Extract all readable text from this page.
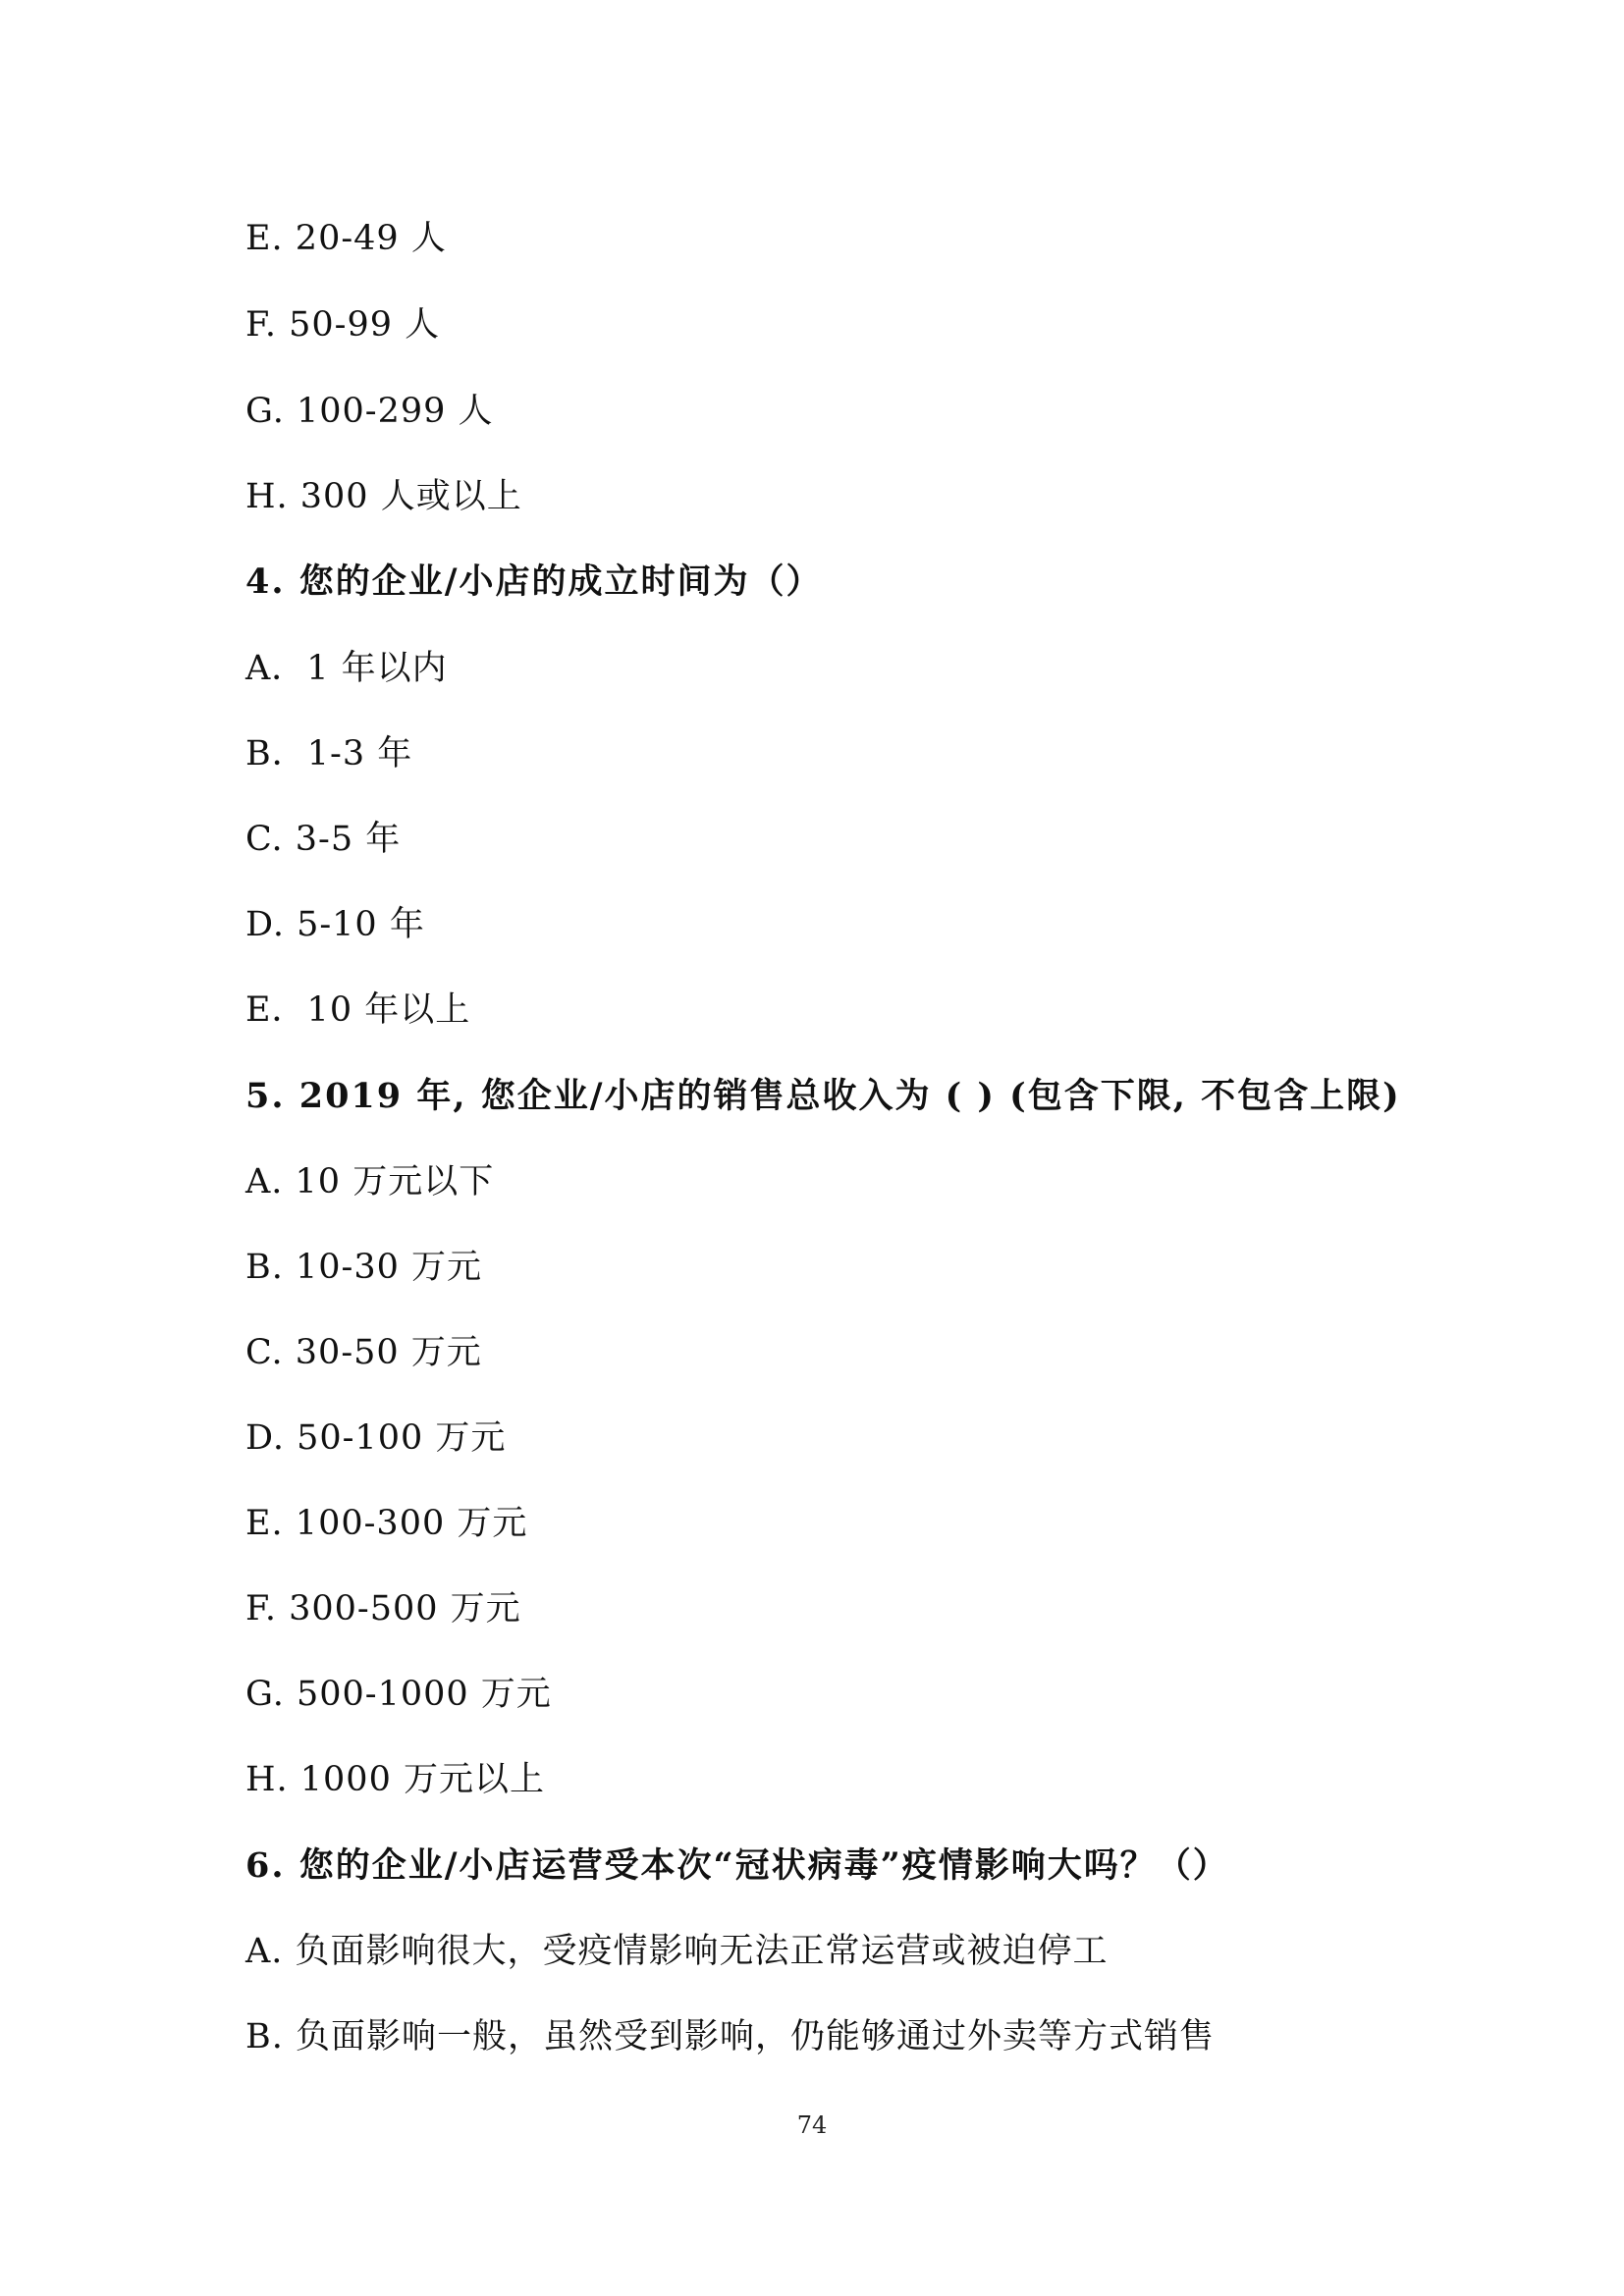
E. 20-49 人
F. 50-99 人
G. 100-299 人
H. 300 人或以上
4. 您的企业/小店的成立时间为（）
A．1 年以内
B．1-3 年
C. 3-5 年
D. 5-10 年
E．10 年以上
5. 2019 年, 您企业/小店的销售总收入为 ( ) (包含下限, 不包含上限)
A. 10 万元以下
B. 10-30 万元
C. 30-50 万元
D. 50-100 万元
E. 100-300 万元
F. 300-500 万元
G. 500-1000 万元
H. 1000 万元以上
6. 您的企业/小店运营受本次“冠状病毒”疫情影响大吗？（）
A. 负面影响很大，受疫情影响无法正常运营或被迫停工
B. 负面影响一般，虽然受到影响，仍能够通过外卖等方式销售
74
